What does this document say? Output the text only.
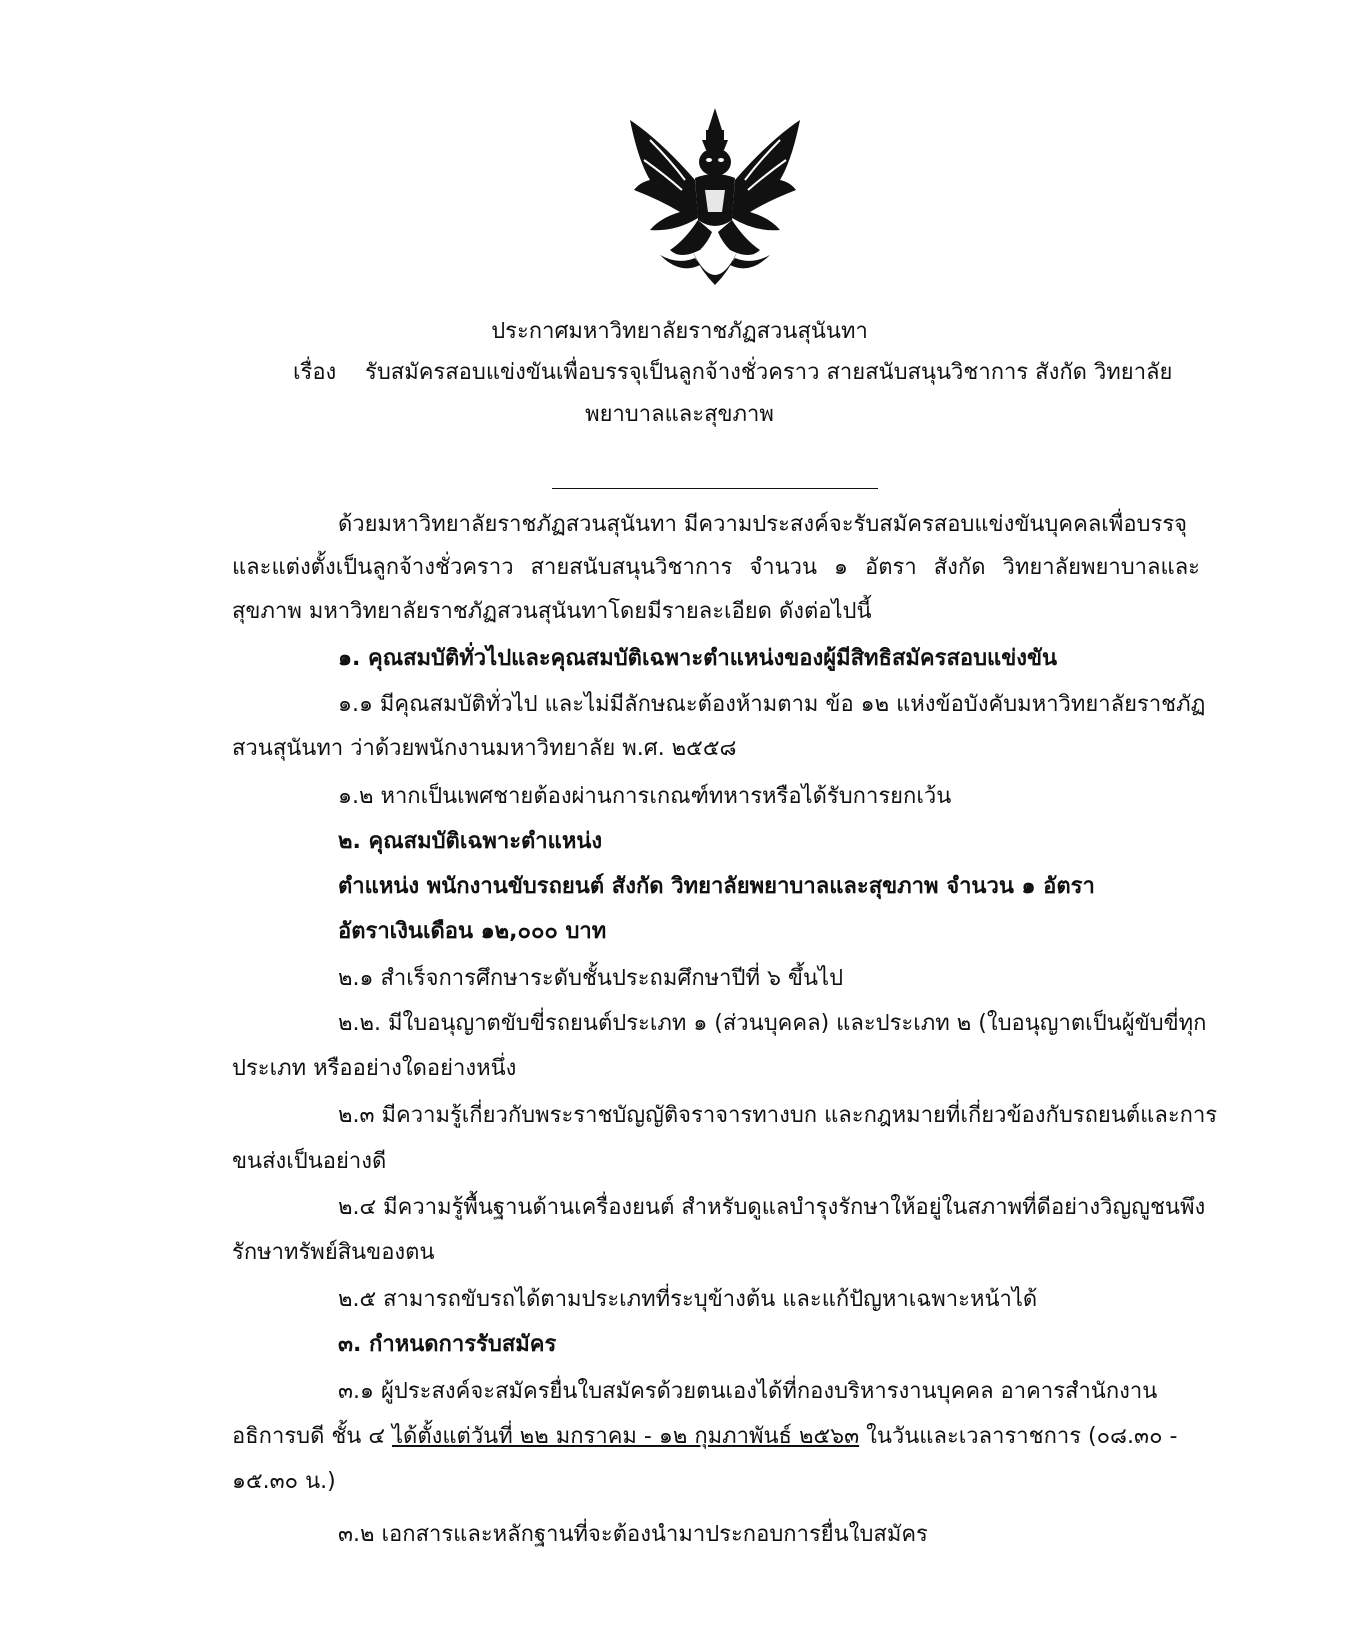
ประกาศมหาวิทยาลัยราชภัฏสวนสุนันทา
เรื่อง รับสมัครสอบแข่งขันเพื่อบรรจุเป็นลูกจ้างชั่วคราว สายสนับสนุนวิชาการ สังกัด วิทยาลัย
พยาบาลและสุขภาพ
ด้วยมหาวิทยาลัยราชภัฏสวนสุนันทา มีความประสงค์จะรับสมัครสอบแข่งขันบุคคลเพื่อบรรจุ
และแต่งตั้งเป็นลูกจ้างชั่วคราว สายสนับสนุนวิชาการ จำนวน ๑ อัตรา สังกัด วิทยาลัยพยาบาลและ
สุขภาพ มหาวิทยาลัยราชภัฏสวนสุนันทาโดยมีรายละเอียด ดังต่อไปนี้
๑. คุณสมบัติทั่วไปและคุณสมบัติเฉพาะตำแหน่งของผู้มีสิทธิสมัครสอบแข่งขัน
๑.๑ มีคุณสมบัติทั่วไป และไม่มีลักษณะต้องห้ามตาม ข้อ ๑๒ แห่งข้อบังคับมหาวิทยาลัยราชภัฏ
สวนสุนันทา ว่าด้วยพนักงานมหาวิทยาลัย พ.ศ. ๒๕๕๘
๑.๒ หากเป็นเพศชายต้องผ่านการเกณฑ์ทหารหรือได้รับการยกเว้น
๒. คุณสมบัติเฉพาะตำแหน่ง
ตำแหน่ง พนักงานขับรถยนต์ สังกัด วิทยาลัยพยาบาลและสุขภาพ จำนวน ๑ อัตรา
อัตราเงินเดือน ๑๒,๐๐๐ บาท
๒.๑ สำเร็จการศึกษาระดับชั้นประถมศึกษาปีที่ ๖ ขึ้นไป
๒.๒. มีใบอนุญาตขับขี่รถยนต์ประเภท ๑ (ส่วนบุคคล) และประเภท ๒ (ใบอนุญาตเป็นผู้ขับขี่ทุก
ประเภท หรืออย่างใดอย่างหนึ่ง
๒.๓ มีความรู้เกี่ยวกับพระราชบัญญัติจราจารทางบก และกฎหมายที่เกี่ยวข้องกับรถยนต์และการ
ขนส่งเป็นอย่างดี
๒.๔ มีความรู้พื้นฐานด้านเครื่องยนต์ สำหรับดูแลบำรุงรักษาให้อยู่ในสภาพที่ดีอย่างวิญญูชนพึง
รักษาทรัพย์สินของตน
๒.๕ สามารถขับรถได้ตามประเภทที่ระบุข้างต้น และแก้ปัญหาเฉพาะหน้าได้
๓. กำหนดการรับสมัคร
๓.๑ ผู้ประสงค์จะสมัครยื่นใบสมัครด้วยตนเองได้ที่กองบริหารงานบุคคล อาคารสำนักงาน
อธิการบดี ชั้น ๔ ได้ตั้งแต่วันที่ ๒๒ มกราคม - ๑๒ กุมภาพันธ์ ๒๕๖๓ ในวันและเวลาราชการ (๐๘.๓๐ -
๑๕.๓๐ น.)
๓.๒ เอกสารและหลักฐานที่จะต้องนำมาประกอบการยื่นใบสมัคร
